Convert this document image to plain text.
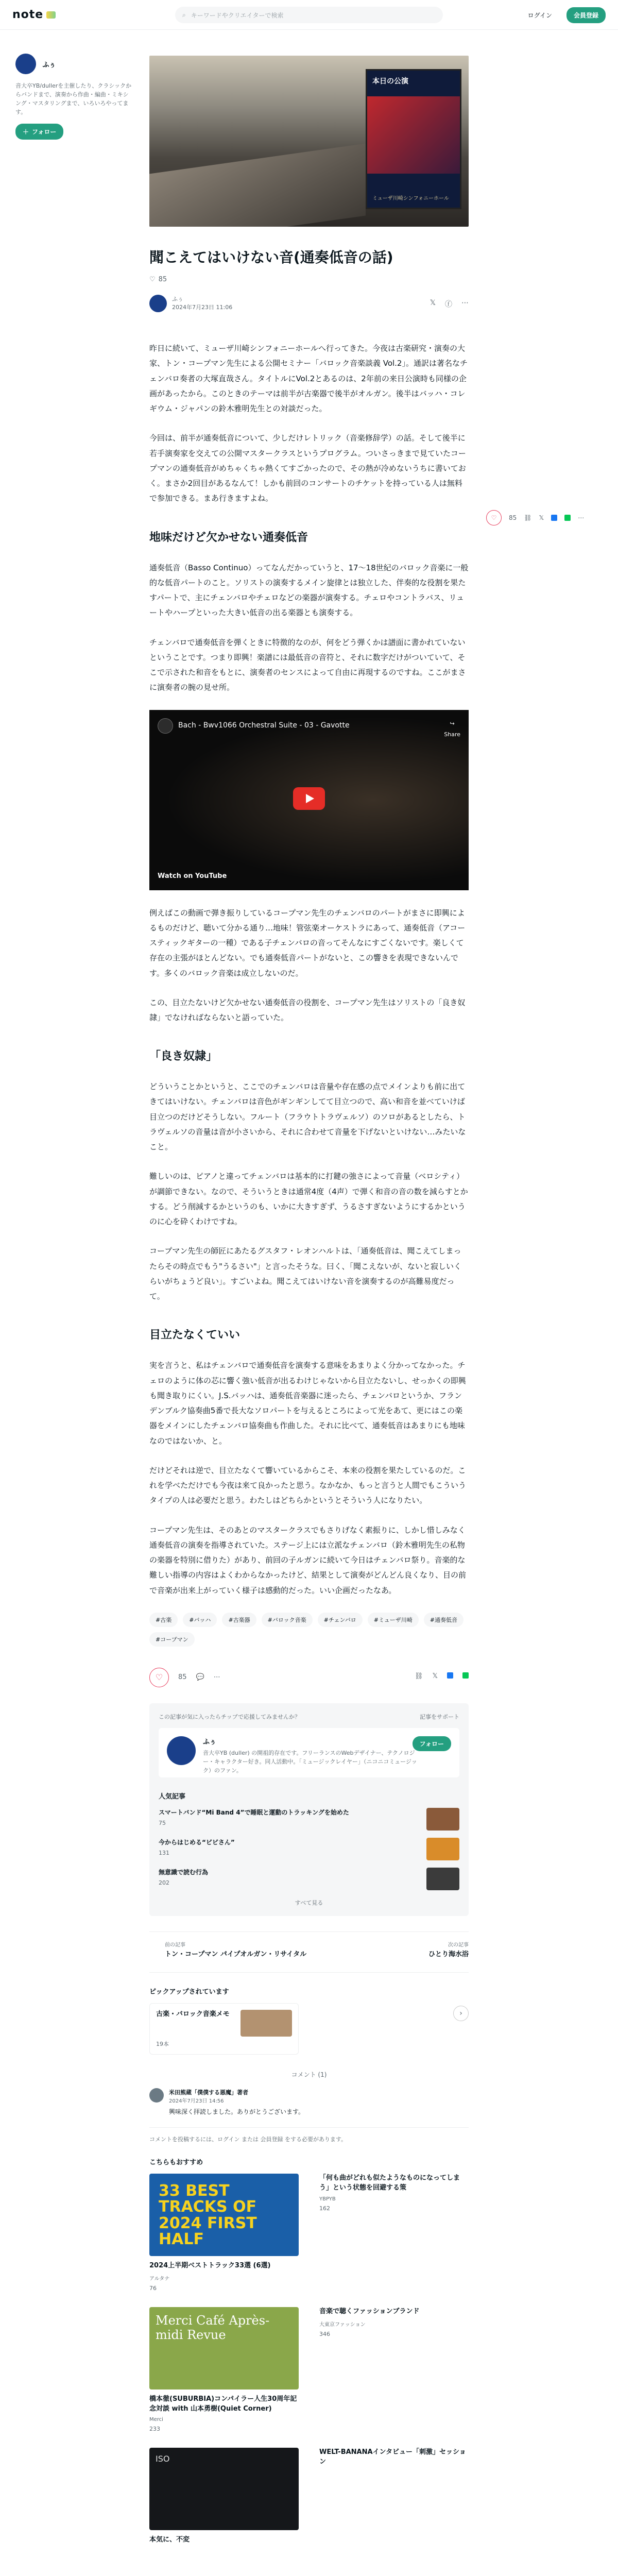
note	⌕ キーワードやクリエイターで検索	ログイン	会員登録
ふぅ
音大卒YB/dullerを主催したり、クラシックからバンドまで、演奏から作曲・編曲・ミキシング・マスタリングまで、いろいろやってます。
＋ フォロー
♡	85 ⛓ 𝕏	⋯
本日の公演
ミューザ川崎シンフォニーホール
聞こえてはいけない音(通奏低音の話)
♡ 85
ふぅ
2024年7月23日 11:06
𝕏 ⓕ ⋯

昨日に続いて、ミューザ川崎シンフォニーホールへ行ってきた。今夜は古楽研究・演奏の大家、トン・コープマン先生による公開セミナー「バロック音楽談義 Vol.2」。通訳は著名なチェンバロ奏者の大塚直哉さん。タイトルにVol.2とあるのは、2年前の来日公演時も同様の企画があったから。このときのテーマは前半が古楽器で後半がオルガン。後半はバッハ・コレギウム・ジャパンの鈴木雅明先生との対談だった。

今回は、前半が通奏低音について、少しだけレトリック（音楽修辞学）の話。そして後半に若手演奏家を交えての公開マスタークラスというプログラム。ついさっきまで見ていたコープマンの通奏低音がめちゃくちゃ熱くてすごかったので、その熱が冷めないうちに書いておく。まさか2回目があるなんて！しかも前回のコンサートのチケットを持っている人は無料で参加できる。まあ行きますよね。

地味だけど欠かせない通奏低音

通奏低音（Basso Continuo）ってなんだかっていうと、17〜18世紀のバロック音楽に一般的な低音パートのこと。ソリストの演奏するメイン旋律とは独立した、伴奏的な役割を果たすパートで、主にチェンバロやチェロなどの楽器が演奏する。チェロやコントラバス、リュートやハープといった大きい低音の出る楽器とも演奏する。

チェンバロで通奏低音を弾くときに特徴的なのが、何をどう弾くかは譜面に書かれていないということです。つまり即興！楽譜には最低音の音符と、それに数字だけがついていて、そこで示された和音をもとに、演奏者のセンスによって自由に再現するのですね。ここがまさに演奏者の腕の見せ所。

Bach - Bwv1066 Orchestral Suite - 03 - Gavotte	↪
Share
Watch on YouTube

例えばこの動画で弾き振りしているコープマン先生のチェンバロのパートがまさに即興によるものだけど、聴いて分かる通り…地味！管弦楽オーケストラにあって、通奏低音（アコースティックギターの一種）である子チェンバロの音ってそんなにすごくないです。楽しくて存在の主張がほとんどない。でも通奏低音パートがないと、この響きを表現できないんです。多くのバロック音楽は成立しないのだ。

この、目立たないけど欠かせない通奏低音の役割を、コープマン先生はソリストの「良き奴隷」でなければならないと語っていた。

「良き奴隷」

どういうことかというと、ここでのチェンバロは音量や存在感の点でメインよりも前に出てきてはいけない。チェンバロは音色がギンギンしてて目立つので、高い和音を並べていけば目立つのだけどそうしない。フルート（フラウトトラヴェルソ）のソロがあるとしたら、トラヴェルソの音量は音が小さいから、それに合わせて音量を下げないといけない…みたいなこと。

難しいのは、ピアノと違ってチェンバロは基本的に打鍵の強さによって音量（ベロシティ）が調節できない。なので、そういうときは通常4度（4声）で弾く和音の音の数を減らすとかする。どう削減するかというのも、いかに大きすぎず、うるさすぎないようにするかというのに心を砕くわけですね。

コープマン先生の師匠にあたるグスタフ・レオンハルトは、「通奏低音は、聞こえてしまったらその時点でもう"うるさい"」と言ったそうな。曰く、「聞こえないが、ないと寂しいくらいがちょうど良い」。すごいよね。聞こえてはいけない音を演奏するのが高難易度だって。

目立たなくていい

実を言うと、私はチェンバロで通奏低音を演奏する意味をあまりよく分かってなかった。チェロのように体の芯に響く強い低音が出るわけじゃないから目立たないし、せっかくの即興も聞き取りにくい。J.S.バッハは、通奏低音楽器に迷ったら、チェンバロというか、フランデンブルク協奏曲5番で長大なソロパートを与えるところによって光をあて、更にはこの楽器をメインにしたチェンバロ協奏曲も作曲した。それに比べて、通奏低音はあまりにも地味なのではないか、と。

だけどそれは逆で、目立たなくて響いているからこそ、本来の役割を果たしているのだ。これを学べただけでも今夜は来て良かったと思う。なかなか、もっと言うと人間でもこういうタイプの人は必要だと思う。わたしはどちらかというとそういう人になりたい。

コープマン先生は、そのあとのマスタークラスでもさりげなく素振りに、しかし惜しみなく通奏低音の演奏を指導されていた。ステージ上には立派なチェンバロ（鈴木雅明先生の私物の楽器を特別に借りた）があり、前回の子ルガンに続いて今日はチェンバロ祭り。音楽的な難しい指導の内容はよくわからなかったけど、結果として演奏がどんどん良くなり、目の前で音楽が出来上がっていく様子は感動的だった。いい企画だったなあ。

#古楽	#バッハ	#古楽器	#バロック音楽	#チェンバロ	#ミューザ川崎	#通奏低音
#コープマン
♡	85 💬 ⋯	⛓ 𝕏
この記事が気に入ったらチップで応援してみませんか？	記事をサポート
ふぅ
音大卒YB (duller) の開祖的存在です。フリーランスのWebデザイナー、テクノロジー・キャラクター好き。同人活動中。「ミュージックレイヤー」（ニコニコミュージック）のファン。
フォロー
人気記事
スマートバンド“Mi Band 4”で睡眠と運動のトラッキングを始めた
75
今からはじめる“ビビさん”
131
無意識で読む行為
202
すべて見る
前の記事
トン・コープマン パイプオルガン・リサイタル
次の記事
ひとり海水浴
ピックアップされています
古楽・バロック音楽メモ
19本
›
コメント (1)
米田熊蔵「僕僕する悪魔」著者
2024年7月23日 14:56
興味深く拝読しました。ありがとうございます。
コメントを投稿するには、ログイン または 会員登録 をする必要があります。
こちらもおすすめ
33 BEST TRACKS OF 2024 FIRST HALF
2024上半期ベストトラック33選 (6選)
アルタナ
76
「何も曲がどれも似たようなものになってしまう」という状態を回避する策
YBPYB
162
Merci Café Après-midi Revue
橋本徹(SUBURBIA)コンパイラー人生30周年記念対談 with 山本勇樹(Quiet Corner)
Merci
233
音楽で聴くファッションブランド
大東京ファッション
346
ISO
本気に、不変
WELT-BANANAインタビュー「刺激」セッション
